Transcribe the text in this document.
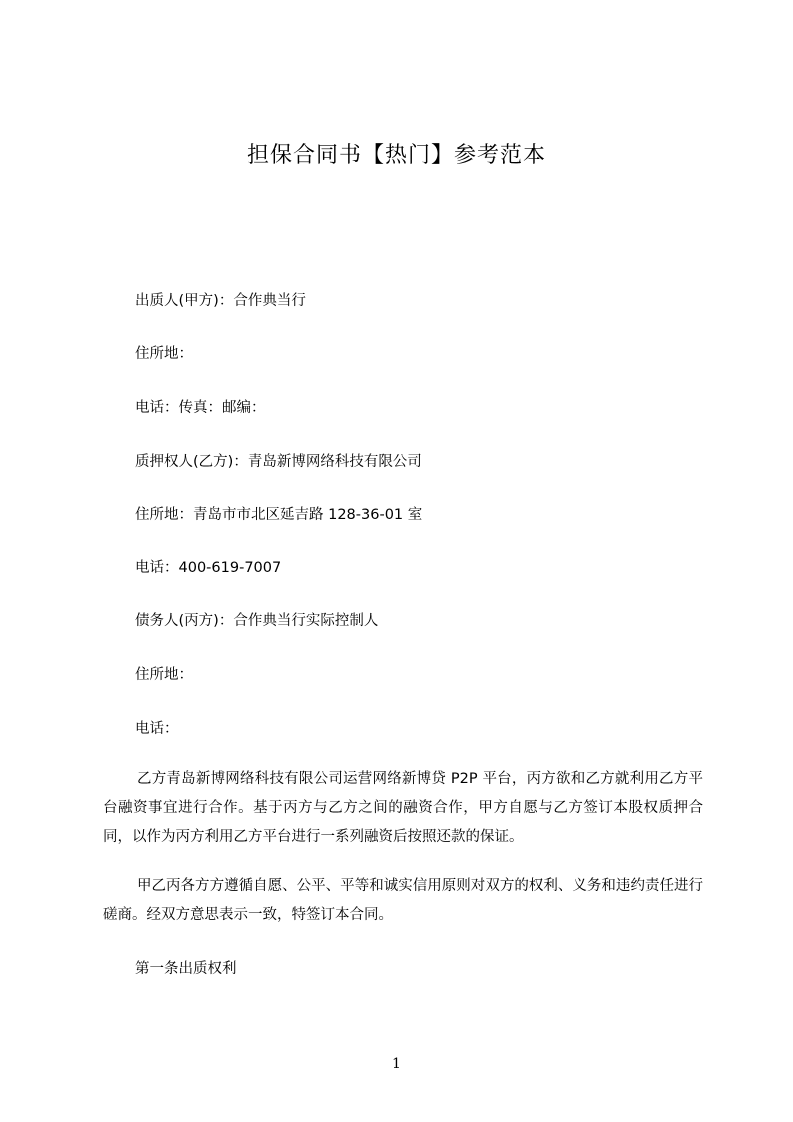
担保合同书【热门】参考范本
出质人(甲方)：合作典当行
住所地：
电话：传真：邮编：
质押权人(乙方)：青岛新博网络科技有限公司
住所地：青岛市市北区延吉路 128-36-01 室
电话：400-619-7007
债务人(丙方)：合作典当行实际控制人
住所地：
电话：
乙方青岛新博网络科技有限公司运营网络新博贷 P2P 平台，丙方欲和乙方就利用乙方平台融资事宜进行合作。基于丙方与乙方之间的融资合作，甲方自愿与乙方签订本股权质押合同，以作为丙方利用乙方平台进行一系列融资后按照还款的保证。
甲乙丙各方方遵循自愿、公平、平等和诚实信用原则对双方的权利、义务和违约责任进行磋商。经双方意思表示一致，特签订本合同。
第一条出质权利
1
